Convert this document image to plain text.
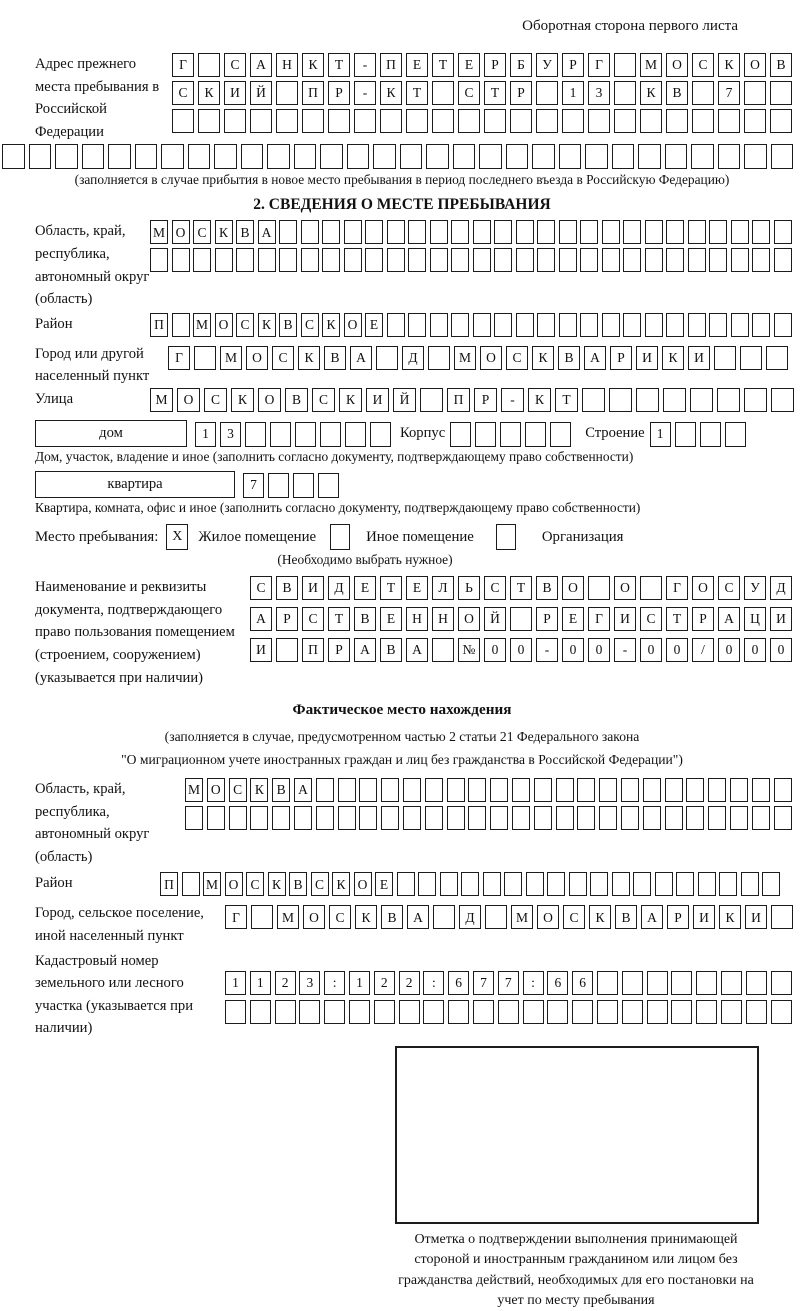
Оборотная сторона первого листа
Адрес прежнего места пребывания в Российской Федерации
Г	С	А	Н	К	Т	-	П	Е	Т	Е	Р	Б	У	Р	Г	М	О	С	К	О	В
С	К	И	Й	П	Р	-	К	Т	С	Т	Р	1	3	К	В	7
(заполняется в случае прибытия в новое место пребывания в период последнего въезда в Российскую Федерацию)
2. СВЕДЕНИЯ О МЕСТЕ ПРЕБЫВАНИЯ
Область, край, республика, автономный округ (область)
М О С К В А
Район	П	М О С К В С К О Е
Город или другой населенный пункт
Г	М	О	С	К	В	А	Д	М	О	С	К	В	А	Р	И	К	И
Улица	М	О	С	К	О	В	С	К	И	Й	П	Р	-	К	Т
дом	1	3	Корпус	Строение 1
Дом, участок, владение и иное (заполнить согласно документу, подтверждающему право собственности)
квартира	7
Квартира, комната, офис и иное (заполнить согласно документу, подтверждающему право собственности)
Место пребывания: X	Жилое помещение	Иное помещение	Организация
(Необходимо выбрать нужное)
Наименование и реквизиты документа, подтверждающего право пользования помещением (строением, сооружением) (указывается при наличии)
С	В	И	Д	Е	Т	Е	Л	Ь	С	Т	В	О	О	Г	О	С	У	Д
А	Р	С	Т	В	Е	Н	Н	О	Й	Р	Е	Г	И	С	Т	Р	А	Ц	И
И	П	Р	А	В	А	№	0	0	-	0	0	-	0	0	/	0	0	0
Фактическое место нахождения
(заполняется в случае, предусмотренном частью 2 статьи 21 Федерального закона
"О миграционном учете иностранных граждан и лиц без гражданства в Российской Федерации")
Область, край, республика, автономный округ (область)
М О С К В А
Район	П	М О С К В С К О Е
Город, сельское поселение, иной населенный пункт
Г	М	О	С	К	В	А	Д	М	О	С	К	В	А	Р	И	К	И
Кадастровый номер земельного или лесного участка (указывается при наличии)
1	1	2	3	:	1	2	2	:	6	7	7	:	6	6
Отметка о подтверждении выполнения принимающей стороной и иностранным гражданином или лицом без гражданства действий, необходимых для его постановки на учет по месту пребывания
